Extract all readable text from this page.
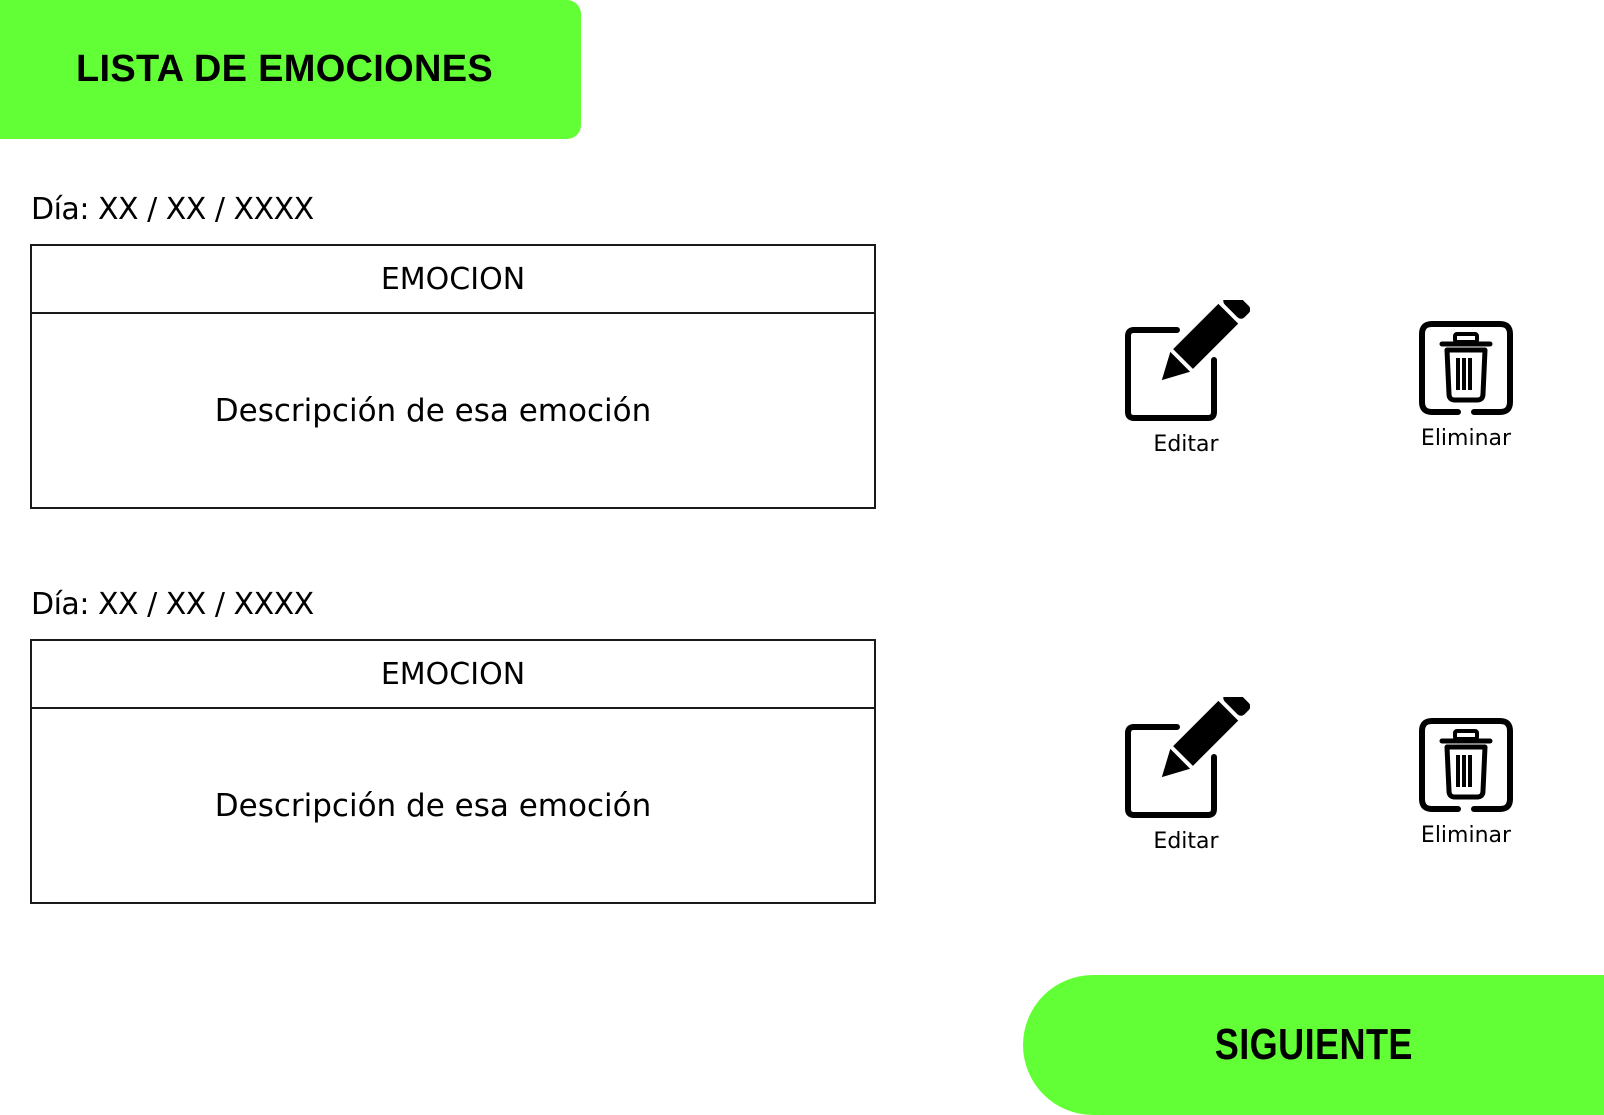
LISTA DE EMOCIONES
Día: XX / XX / XXXX
EMOCION
Descripción de esa emoción
Editar	Eliminar
Día: XX / XX / XXXX
EMOCION
Descripción de esa emoción
Editar	Eliminar
SIGUIENTE
